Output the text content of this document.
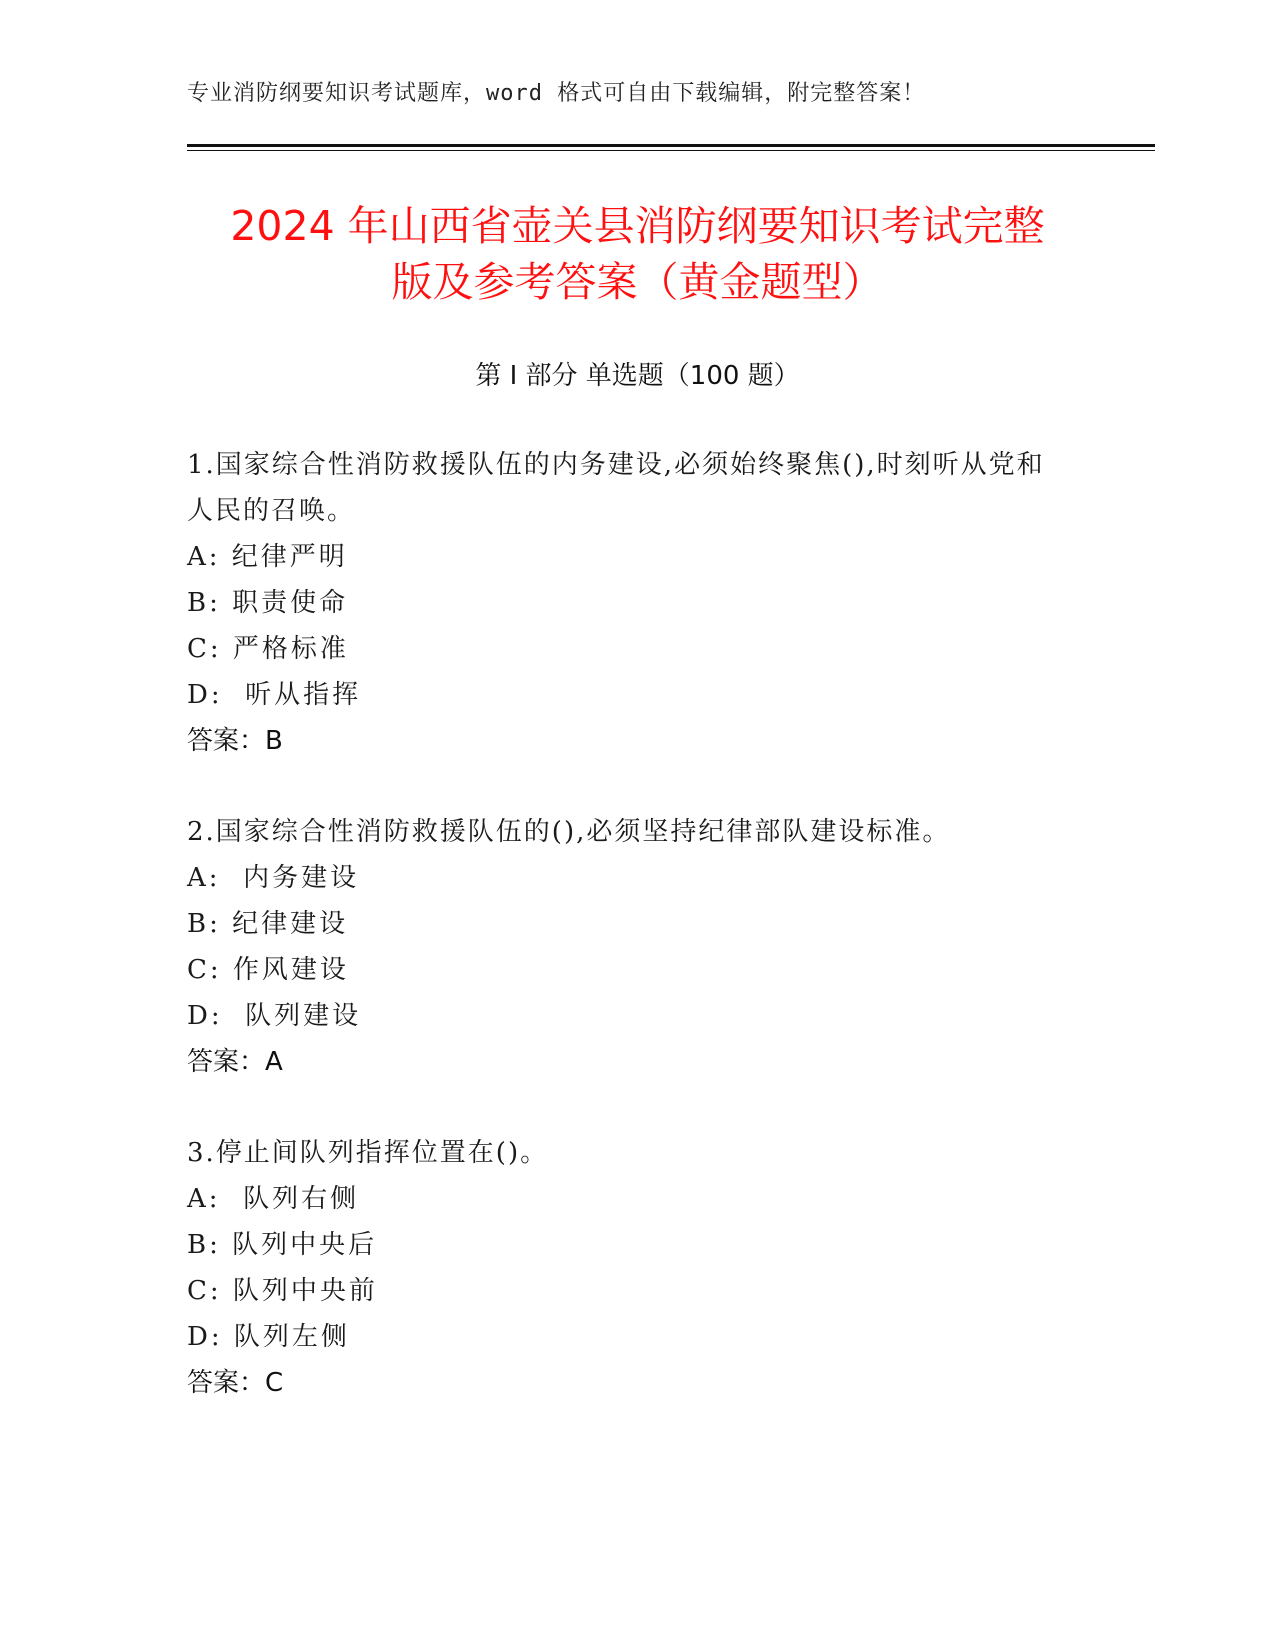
专业消防纲要知识考试题库，word 格式可自由下载编辑，附完整答案！
2024 年山西省壶关县消防纲要知识考试完整
版及参考答案（黄金题型）
第 I 部分 单选题（100 题）
1.国家综合性消防救援队伍的内务建设,必须始终聚焦(),时刻听从党和人民的召唤。
A: 纪律严明
B: 职责使命
C: 严格标准
D:  听从指挥
答案：B
2.国家综合性消防救援队伍的(),必须坚持纪律部队建设标准。
A:  内务建设
B: 纪律建设
C: 作风建设
D:  队列建设
答案：A
3.停止间队列指挥位置在()。
A:  队列右侧
B: 队列中央后
C: 队列中央前
D: 队列左侧
答案：C
